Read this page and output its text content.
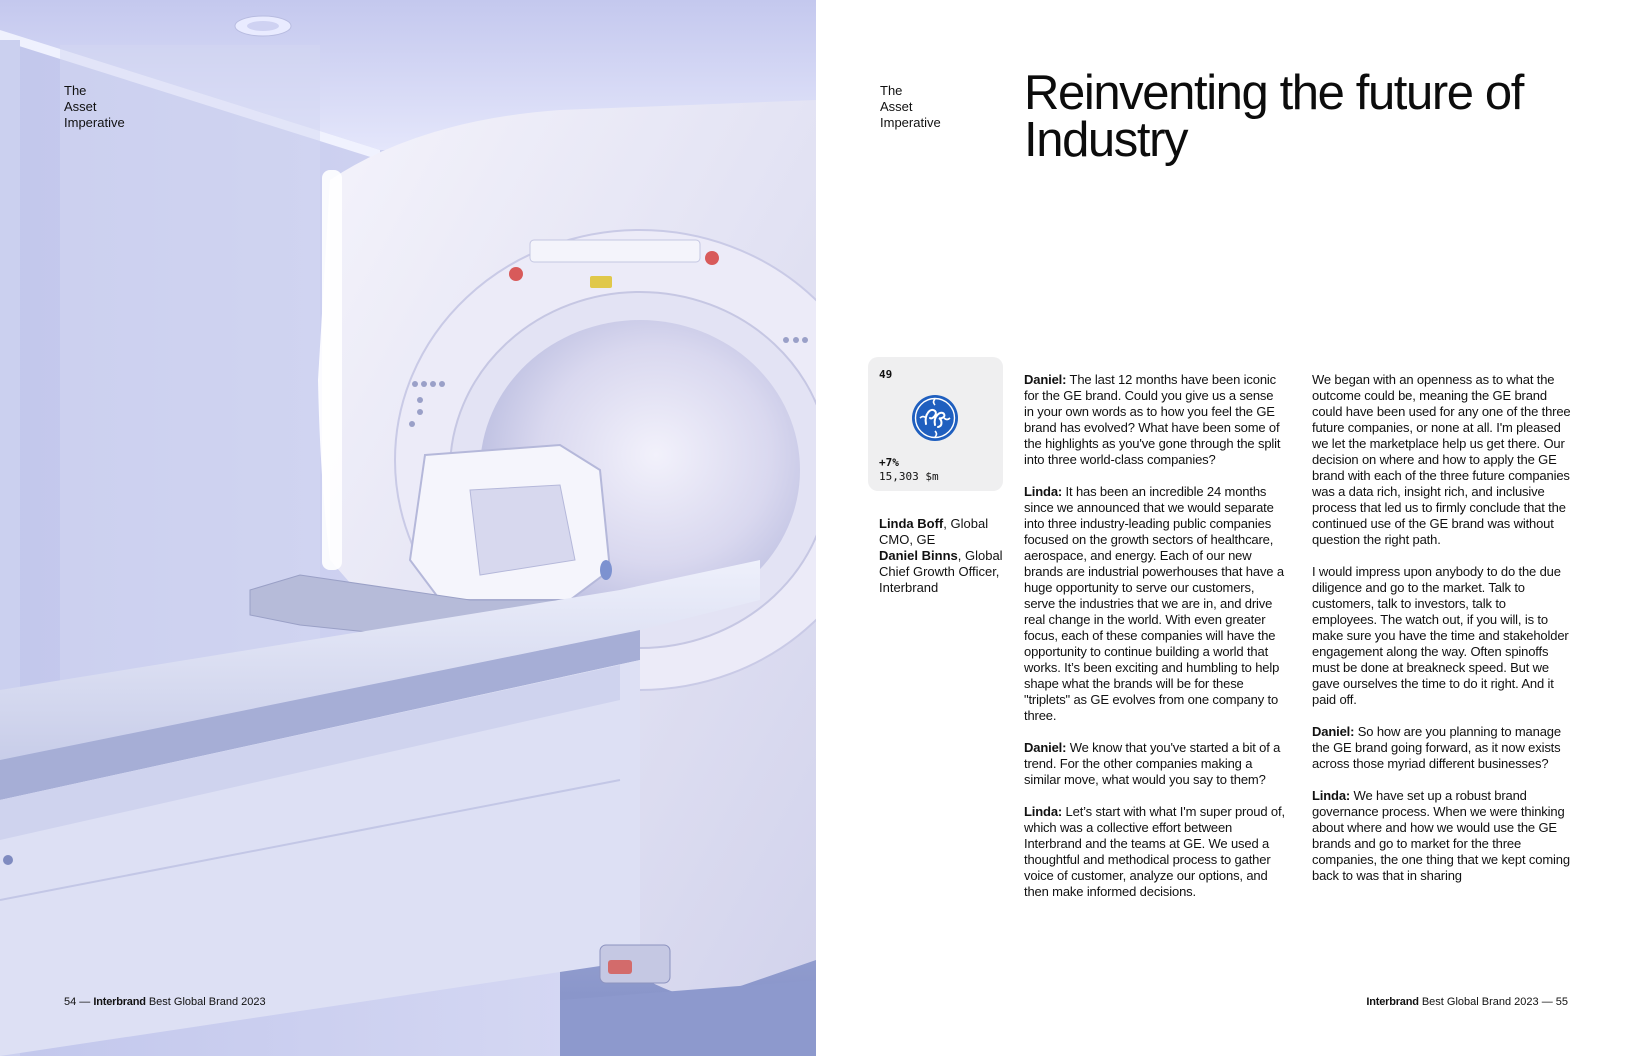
The
Asset
Imperative
54 — Interbrand Best Global Brand 2023
The
Asset
Imperative
Reinventing the future of Industry
49
+7%
15,303 $m
Linda Boff, Global CMO, GE
Daniel Binns, Global Chief Growth Officer, Interbrand

Daniel: The last 12 months have been iconic for the GE brand. Could you give us a sense in your own words as to how you feel the GE brand has evolved? What have been some of the highlights as you've gone through the split into three world-class companies?

Linda: It has been an incredible 24 months since we announced that we would separate into three industry-leading public companies focused on the growth sectors of healthcare, aerospace, and energy. Each of our new brands are industrial powerhouses that have a huge opportunity to serve our customers, serve the industries that we are in, and drive real change in the world. With even greater focus, each of these companies will have the opportunity to continue building a world that works. It’s been exciting and humbling to help shape what the brands will be for these "triplets" as GE evolves from one company to three.

Daniel: We know that you've started a bit of a trend. For the other companies making a similar move, what would you say to them?

Linda: Let’s start with what I'm super proud of, which was a collective effort between Interbrand and the teams at GE. We used a thoughtful and methodical process to gather voice of customer, analyze our options, and then make informed decisions.

We began with an openness as to what the outcome could be, meaning the GE brand could have been used for any one of the three future companies, or none at all. I'm pleased we let the marketplace help us get there. Our decision on where and how to apply the GE brand with each of the three future companies was a data rich, insight rich, and inclusive process that led us to firmly conclude that the continued use of the GE brand was without question the right path.

I would impress upon anybody to do the due diligence and go to the market. Talk to customers, talk to investors, talk to employees. The watch out, if you will, is to make sure you have the time and stakeholder engagement along the way. Often spinoffs must be done at breakneck speed. But we gave ourselves the time to do it right. And it paid off.

Daniel: So how are you planning to manage the GE brand going forward, as it now exists across those myriad different businesses?

Linda: We have set up a robust brand governance process. When we were thinking about where and how we would use the GE brands and go to market for the three companies, the one thing that we kept coming back to was that in sharing

Interbrand Best Global Brand 2023 — 55
